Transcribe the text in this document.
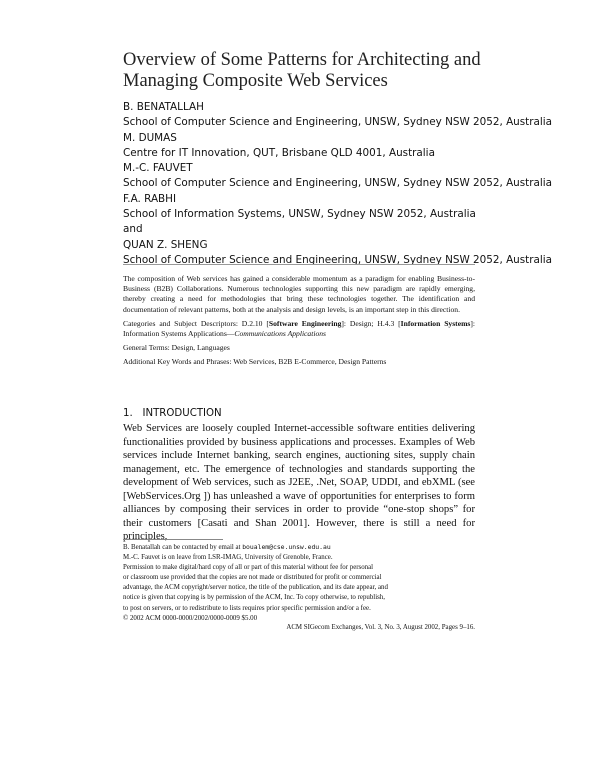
Overview of Some Patterns for Architecting and Managing Composite Web Services
B. BENATALLAH
School of Computer Science and Engineering, UNSW, Sydney NSW 2052, Australia
M. DUMAS
Centre for IT Innovation, QUT, Brisbane QLD 4001, Australia
M.-C. FAUVET
School of Computer Science and Engineering, UNSW, Sydney NSW 2052, Australia
F.A. RABHI
School of Information Systems, UNSW, Sydney NSW 2052, Australia
and
QUAN Z. SHENG
School of Computer Science and Engineering, UNSW, Sydney NSW 2052, Australia

The composition of Web services has gained a considerable momentum as a paradigm for enabling Business-to-Business (B2B) Collaborations. Numerous technologies supporting this new paradigm are rapidly emerging, thereby creating a need for methodologies that bring these technologies together. The identification and documentation of relevant patterns, both at the analysis and design levels, is an important step in this direction.

Categories and Subject Descriptors: D.2.10 [Software Engineering]: Design; H.4.3 [Information Systems]: Information Systems Applications—Communications Applications

General Terms: Design, Languages

Additional Key Words and Phrases: Web Services, B2B E-Commerce, Design Patterns

1. INTRODUCTION
Web Services are loosely coupled Internet-accessible software entities delivering functionalities provided by business applications and processes. Examples of Web services include Internet banking, search engines, auctioning sites, supply chain management, etc. The emergence of technologies and standards supporting the development of Web services, such as J2EE, .Net, SOAP, UDDI, and ebXML (see [WebServices.Org ]) has unleashed a wave of opportunities for enterprises to form alliances by composing their services in order to provide “one-stop shops” for their customers [Casati and Shan 2001]. However, there is still a need for principles,
B. Benatallah can be contacted by email at boualem@cse.unsw.edu.au
M.-C. Fauvet is on leave from LSR-IMAG, University of Grenoble, France.
Permission to make digital/hard copy of all or part of this material without fee for personal
or classroom use provided that the copies are not made or distributed for profit or commercial
advantage, the ACM copyright/server notice, the title of the publication, and its date appear, and
notice is given that copying is by permission of the ACM, Inc. To copy otherwise, to republish,
to post on servers, or to redistribute to lists requires prior specific permission and/or a fee.
© 2002 ACM 0000-0000/2002/0000-0009 $5.00
ACM SIGecom Exchanges, Vol. 3, No. 3, August 2002, Pages 9–16.
